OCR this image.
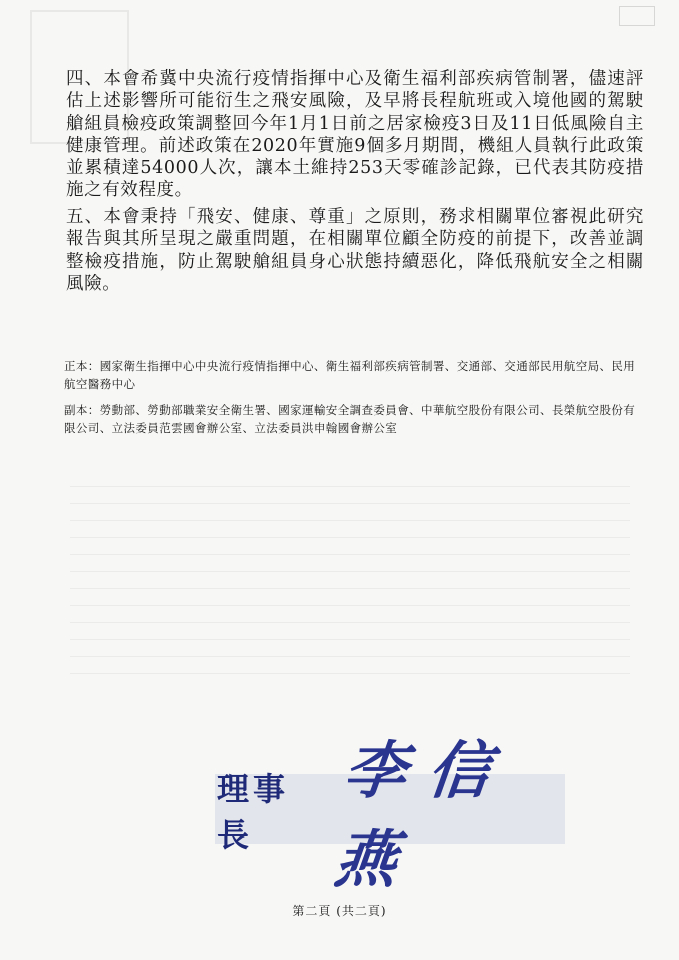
四、本會希冀中央流行疫情指揮中心及衛生福利部疾病管制署，儘速評估上述影響所可能衍生之飛安風險，及早將長程航班或入境他國的駕駛艙組員檢疫政策調整回今年1月1日前之居家檢疫3日及11日低風險自主健康管理。前述政策在2020年實施9個多月期間，機組人員執行此政策並累積達54000人次，讓本土維持253天零確診記錄，已代表其防疫措施之有效程度。

五、本會秉持「飛安、健康、尊重」之原則，務求相關單位審視此研究報告與其所呈現之嚴重問題，在相關單位顧全防疫的前提下，改善並調整檢疫措施，防止駕駛艙組員身心狀態持續惡化，降低飛航安全之相關風險。

正本：國家衛生指揮中心中央流行疫情指揮中心、衛生福利部疾病管制署、交通部、交通部民用航空局、民用航空醫務中心

副本：勞動部、勞動部職業安全衛生署、國家運輸安全調查委員會、中華航空股份有限公司、長榮航空股份有限公司、立法委員范雲國會辦公室、立法委員洪申翰國會辦公室

理事長
李信燕
第二頁 (共二頁)
